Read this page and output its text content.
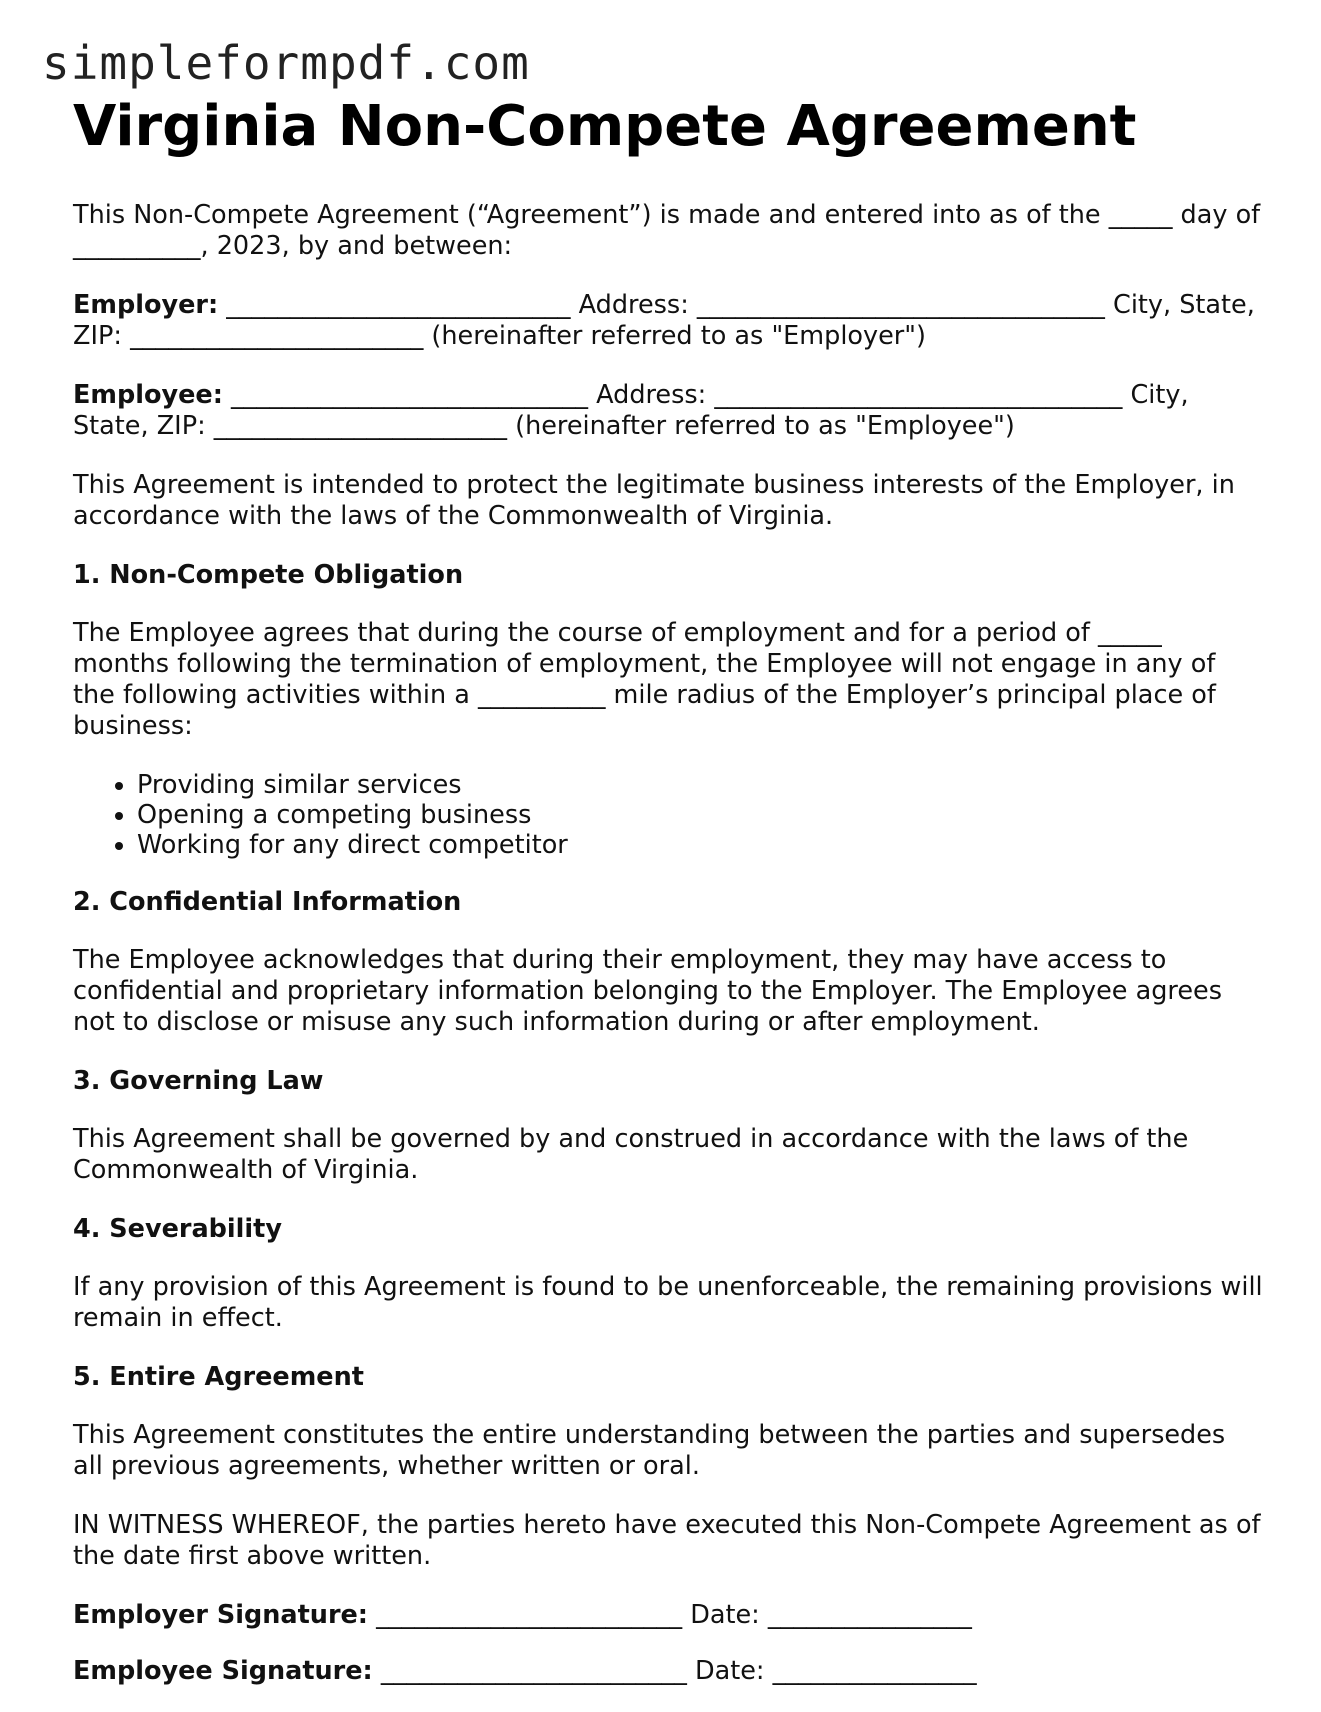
simpleformpdf.com
Virginia Non-Compete Agreement

This Non-Compete Agreement (“Agreement”) is made and entered into as of the _____ day of __________, 2023, by and between:

Employer: ___________________________ Address: ________________________________ City, State, ZIP: _______________________ (hereinafter referred to as "Employer")

Employee: ____________________________ Address: ________________________________ City, State, ZIP: _______________________ (hereinafter referred to as "Employee")

This Agreement is intended to protect the legitimate business interests of the Employer, in accordance with the laws of the Commonwealth of Virginia.

1. Non-Compete Obligation

The Employee agrees that during the course of employment and for a period of _____ months following the termination of employment, the Employee will not engage in any of the following activities within a __________ mile radius of the Employer’s principal place of business:

• Providing similar services
• Opening a competing business
• Working for any direct competitor
2. Confidential Information

The Employee acknowledges that during their employment, they may have access to confidential and proprietary information belonging to the Employer. The Employee agrees not to disclose or misuse any such information during or after employment.

3. Governing Law

This Agreement shall be governed by and construed in accordance with the laws of the Commonwealth of Virginia.

4. Severability

If any provision of this Agreement is found to be unenforceable, the remaining provisions will remain in effect.

5. Entire Agreement

This Agreement constitutes the entire understanding between the parties and supersedes all previous agreements, whether written or oral.

IN WITNESS WHEREOF, the parties hereto have executed this Non-Compete Agreement as of the date first above written.

Employer Signature: ________________________ Date: ________________

Employee Signature: ________________________ Date: ________________
